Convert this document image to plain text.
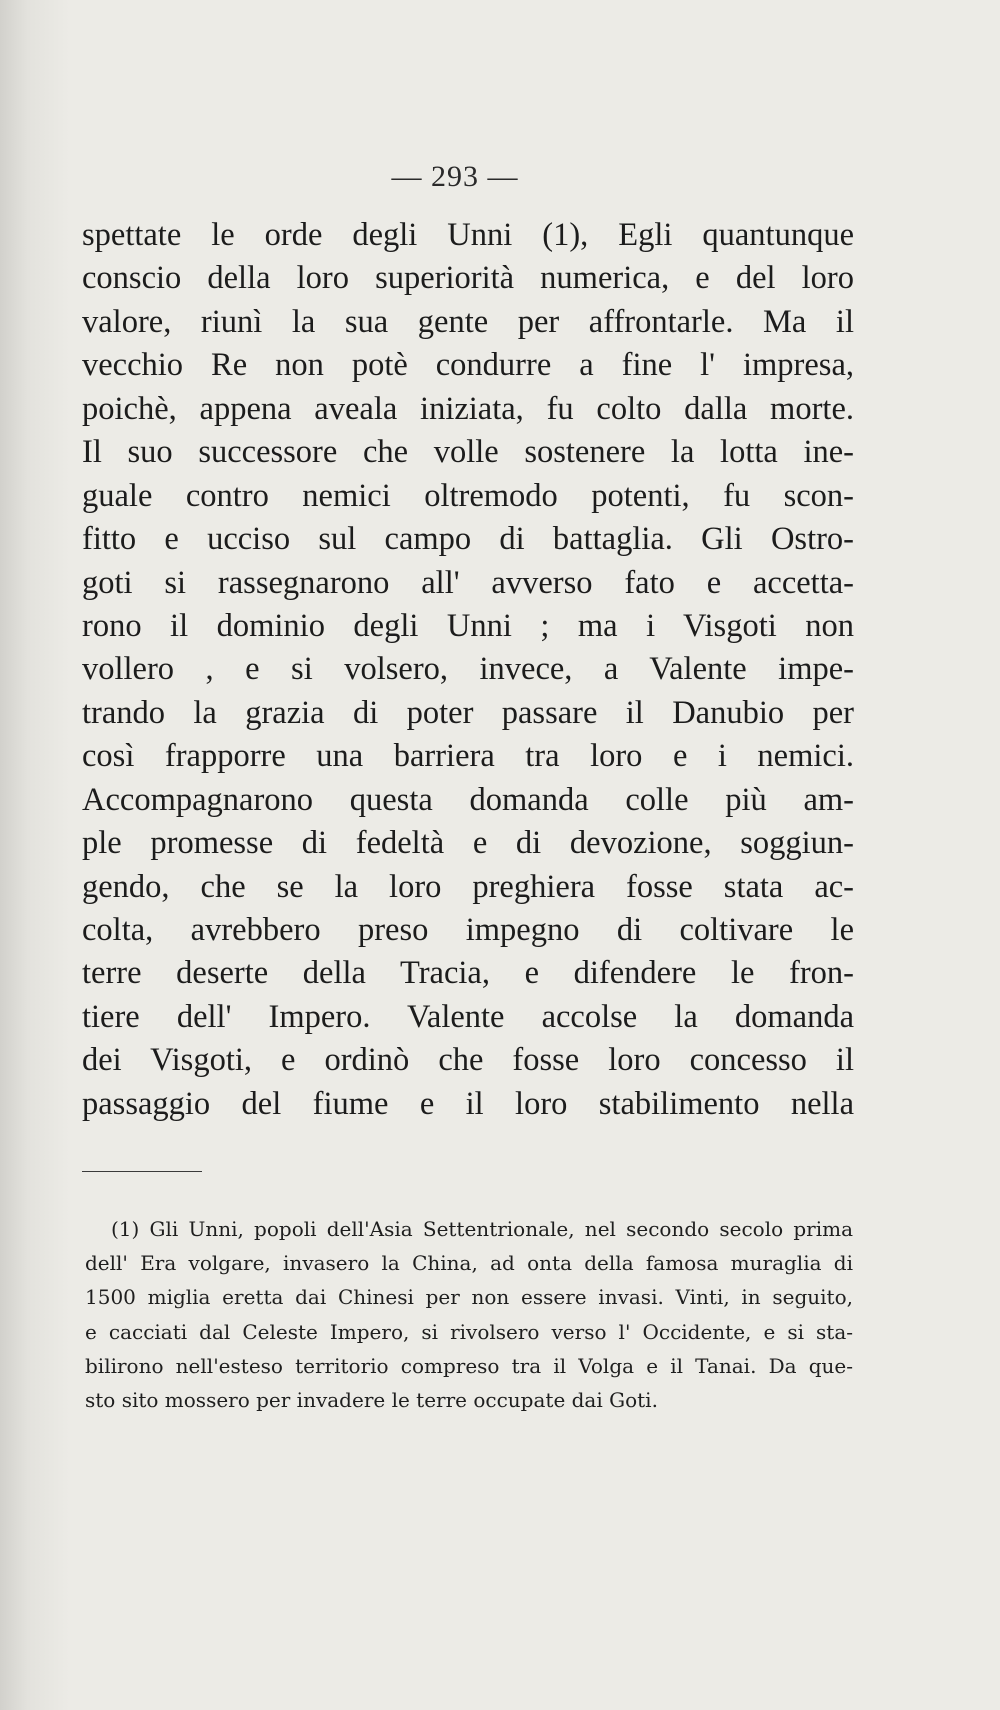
— 293 —
spettate le orde degli Unni (1), Egli quantunque
conscio della loro superiorità numerica, e del loro
valore, riunì la sua gente per affrontarle. Ma il
vecchio Re non potè condurre a fine l' impresa,
poichè, appena aveala iniziata, fu colto dalla morte.
Il suo successore che volle sostenere la lotta ine-
guale contro nemici oltremodo potenti, fu scon-
fitto e ucciso sul campo di battaglia. Gli Ostro-
goti si rassegnarono all' avverso fato e accetta-
rono il dominio degli Unni ; ma i Visgoti non
vollero , e si volsero, invece, a Valente impe-
trando la grazia di poter passare il Danubio per
così frapporre una barriera tra loro e i nemici.
Accompagnarono questa domanda colle più am-
ple promesse di fedeltà e di devozione, soggiun-
gendo, che se la loro preghiera fosse stata ac-
colta, avrebbero preso impegno di coltivare le
terre deserte della Tracia, e difendere le fron-
tiere dell' Impero. Valente accolse la domanda
dei Visgoti, e ordinò che fosse loro concesso il
passaggio del fiume e il loro stabilimento nella
(1) Gli Unni, popoli dell'Asia Settentrionale, nel secondo secolo prima
dell' Era volgare, invasero la China, ad onta della famosa muraglia di
1500 miglia eretta dai Chinesi per non essere invasi. Vinti, in seguito,
e cacciati dal Celeste Impero, si rivolsero verso l' Occidente, e si sta-
bilirono nell'esteso territorio compreso tra il Volga e il Tanai. Da que-
sto sito mossero per invadere le terre occupate dai Goti.
